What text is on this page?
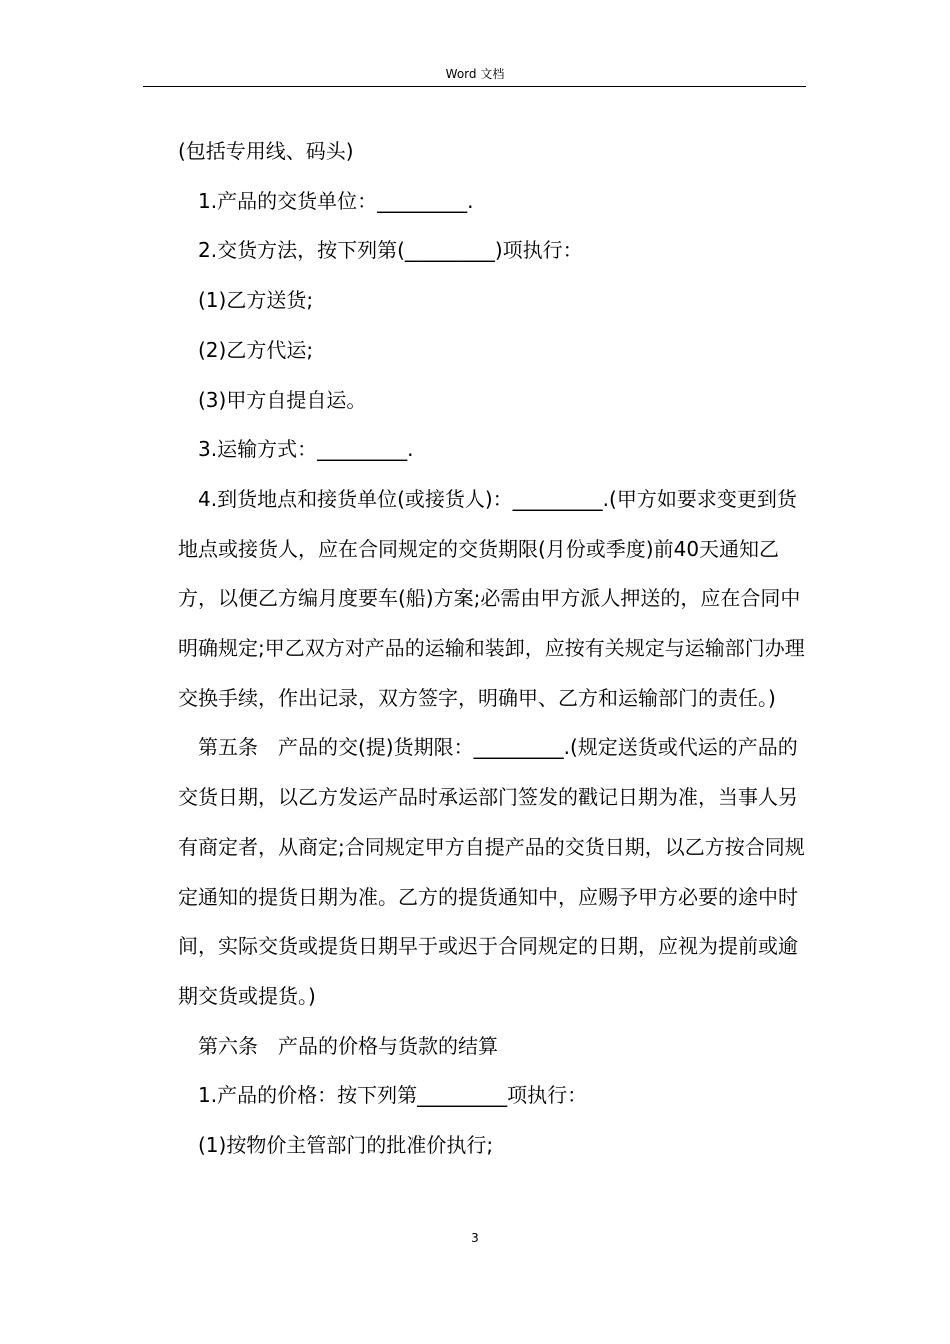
Word 文档

(包括专用线、码头)

1.产品的交货单位：_________.

2.交货方法，按下列第(_________)项执行：

(1)乙方送货;

(2)乙方代运;

(3)甲方自提自运。

3.运输方式：_________.

4.到货地点和接货单位(或接货人)：_________.(甲方如要求变更到货地点或接货人，应在合同规定的交货期限(月份或季度)前40天通知乙方，以便乙方编月度要车(船)方案;必需由甲方派人押送的，应在合同中明确规定;甲乙双方对产品的运输和装卸，应按有关规定与运输部门办理交换手续，作出记录，双方签字，明确甲、乙方和运输部门的责任。)

第五条　产品的交(提)货期限：_________.(规定送货或代运的产品的交货日期，以乙方发运产品时承运部门签发的戳记日期为准，当事人另有商定者，从商定;合同规定甲方自提产品的交货日期，以乙方按合同规定通知的提货日期为准。乙方的提货通知中，应赐予甲方必要的途中时间，实际交货或提货日期早于或迟于合同规定的日期，应视为提前或逾期交货或提货。)

第六条　产品的价格与货款的结算

1.产品的价格：按下列第_________项执行：

(1)按物价主管部门的批准价执行;

3
